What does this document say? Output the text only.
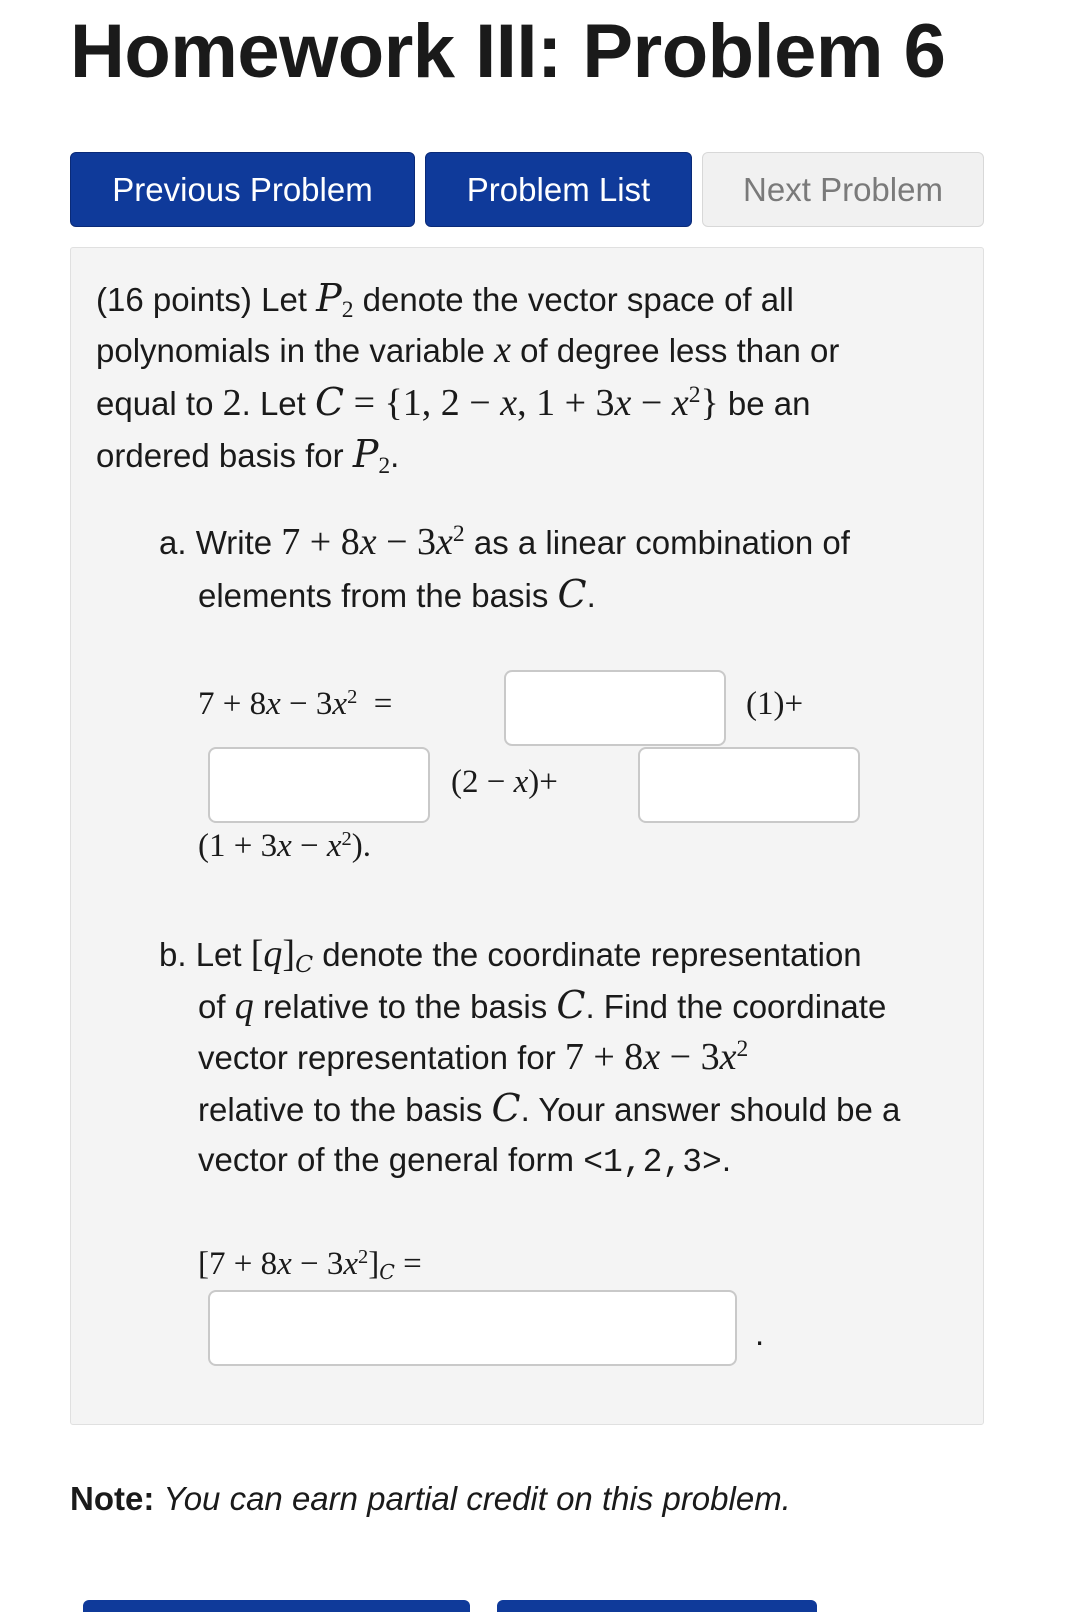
Homework III: Problem 6
Previous Problem	Problem List	Next Problem
(16 points) Let $P_2$ denote the vector space of all
polynomials in the variable x of degree less than or
equal to 2. Let C = {1, 2 − x, $1 + 3x - x^2$} be an
ordered basis for $P_2$.
a. Write $7 + 8x - 3x^2$ as a linear combination of
elements from the basis C.
$7 + 8x - 3x^2$  =	(1)+
(2 − x)+
$(1 + 3x - x^2)$.
b. Let $[q]_C$ denote the coordinate representation
of q relative to the basis C. Find the coordinate
vector representation for $7 + 8x - 3x^2$
relative to the basis C. Your answer should be a
vector of the general form <1,2,3>.
$[7 + 8x - 3x^2]_C$ =
.
Note: You can earn partial credit on this problem.
